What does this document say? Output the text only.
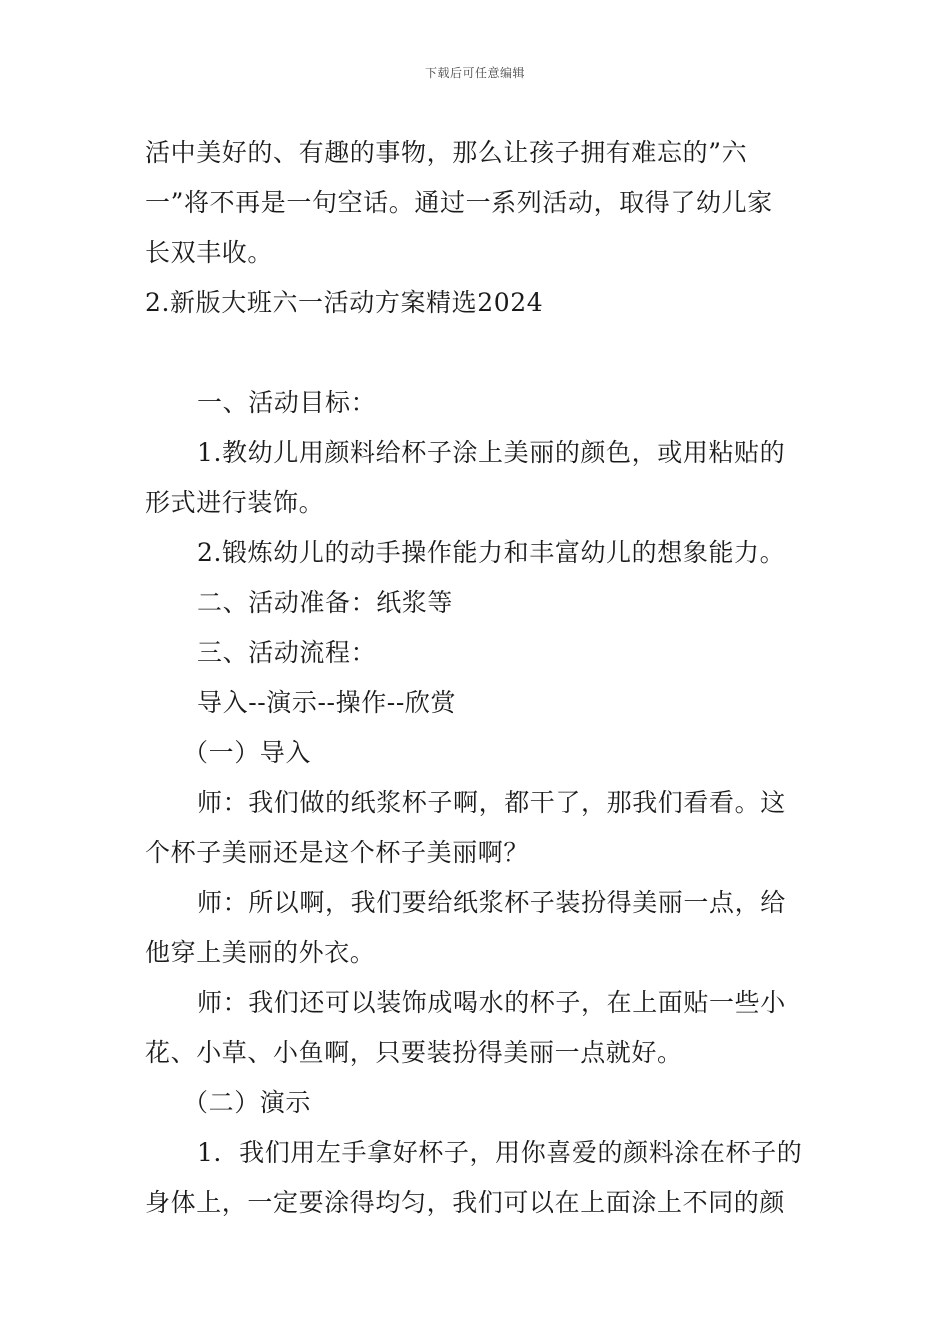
下载后可任意编辑
活中美好的、有趣的事物，那么让孩子拥有难忘的”六
一”将不再是一句空话。通过一系列活动，取得了幼儿家
长双丰收。
2.新版大班六一活动方案精选2024
一、活动目标：
1.教幼儿用颜料给杯子涂上美丽的颜色，或用粘贴的
形式进行装饰。
2.锻炼幼儿的动手操作能力和丰富幼儿的想象能力。
二、活动准备：纸浆等
三、活动流程：
导入--演示--操作--欣赏
（一）导入
师：我们做的纸浆杯子啊，都干了，那我们看看。这
个杯子美丽还是这个杯子美丽啊？
师：所以啊，我们要给纸浆杯子装扮得美丽一点，给
他穿上美丽的外衣。
师：我们还可以装饰成喝水的杯子，在上面贴一些小
花、小草、小鱼啊，只要装扮得美丽一点就好。
（二）演示
1．我们用左手拿好杯子，用你喜爱的颜料涂在杯子的
身体上，一定要涂得均匀，我们可以在上面涂上不同的颜
